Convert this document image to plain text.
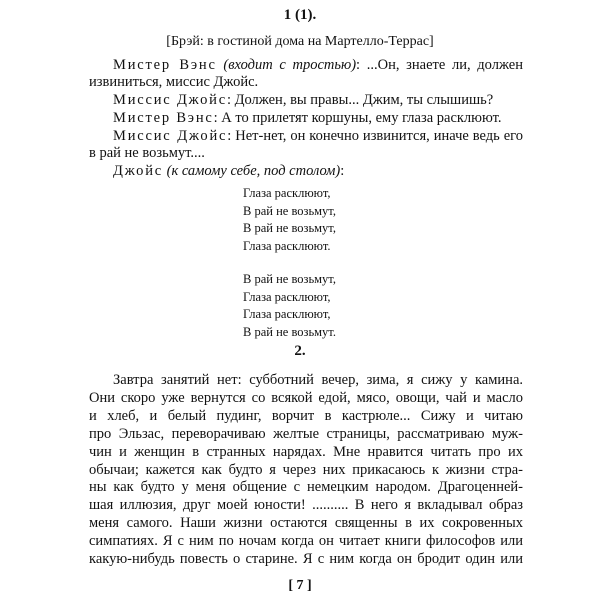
1 (1).
[Брэй: в гостиной дома на Мартелло-Террас]

Мистер Вэнс (входит с тростью): ...Он, знаете ли, должен извиниться, миссис Джойс.

Миссис Джойс: Должен, вы правы... Джим, ты слышишь?

Мистер Вэнс: А то прилетят коршуны, ему глаза расклюют.

Миссис Джойс: Нет-нет, он конечно извинится, иначе ведь его в рай не возьмут....

Джойс (к самому себе, под столом):

Глаза расклюют,
В рай не возьмут,
В рай не возьмут,
Глаза расклюют.
В рай не возьмут,
Глаза расклюют,
Глаза расклюют,
В рай не возьмут.
2.
Завтра занятий нет: субботний вечер, зима, я сижу у камина.
Они скоро уже вернутся со всякой едой, мясо, овощи, чай и масло
и хлеб, и белый пудинг, ворчит в кастрюле... Сижу и читаю
про Эльзас, переворачиваю желтые страницы, рассматриваю муж-
чин и женщин в странных нарядах. Мне нравится читать про их
обычаи; кажется как будто я через них прикасаюсь к жизни стра-
ны как будто у меня общение с немецким народом. Драгоценней-
шая иллюзия, друг моей юности! .......... В него я вкладывал образ
меня самого. Наши жизни остаются священны в их сокровенных
симпатиях. Я с ним по ночам когда он читает книги философов или
какую-нибудь повесть о старине. Я с ним когда он бродит один или
[ 7 ]
